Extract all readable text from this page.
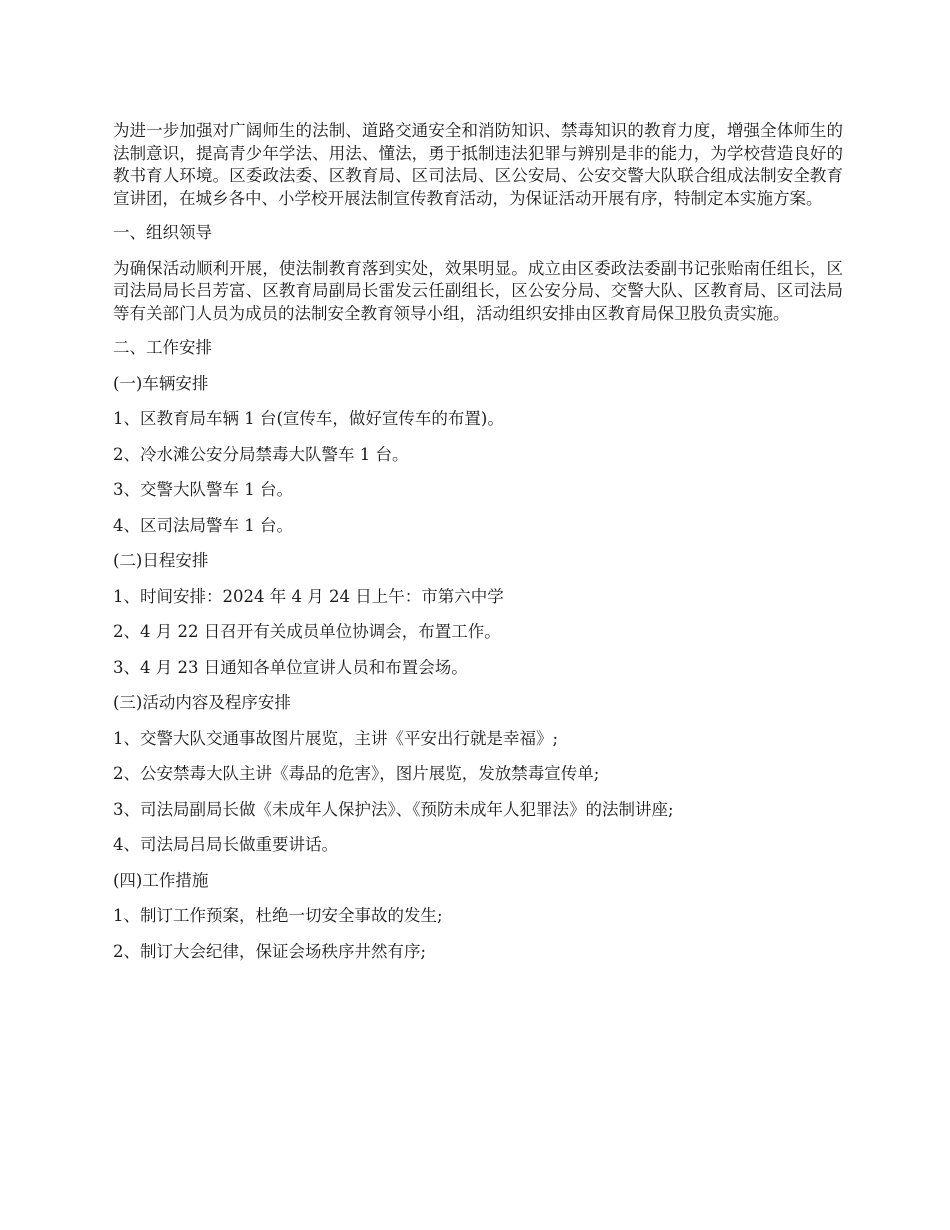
为进一步加强对广阔师生的法制、道路交通安全和消防知识、禁毒知识的教育力度，增强全体师生的法制意识，提高青少年学法、用法、懂法，勇于抵制违法犯罪与辨别是非的能力，为学校营造良好的教书育人环境。区委政法委、区教育局、区司法局、区公安局、公安交警大队联合组成法制安全教育宣讲团，在城乡各中、小学校开展法制宣传教育活动，为保证活动开展有序，特制定本实施方案。

一、组织领导

为确保活动顺利开展，使法制教育落到实处，效果明显。成立由区委政法委副书记张贻南任组长，区司法局局长吕芳富、区教育局副局长雷发云任副组长，区公安分局、交警大队、区教育局、区司法局等有关部门人员为成员的法制安全教育领导小组，活动组织安排由区教育局保卫股负责实施。

二、工作安排

(一)车辆安排

1、区教育局车辆 1 台(宣传车，做好宣传车的布置)。

2、冷水滩公安分局禁毒大队警车 1 台。

3、交警大队警车 1 台。

4、区司法局警车 1 台。

(二)日程安排

1、时间安排：2024 年 4 月 24 日上午：市第六中学

2、4 月 22 日召开有关成员单位协调会，布置工作。

3、4 月 23 日通知各单位宣讲人员和布置会场。

(三)活动内容及程序安排

1、交警大队交通事故图片展览，主讲《平安出行就是幸福》;

2、公安禁毒大队主讲《毒品的危害》，图片展览，发放禁毒宣传单;

3、司法局副局长做《未成年人保护法》、《预防未成年人犯罪法》的法制讲座;

4、司法局吕局长做重要讲话。

(四)工作措施

1、制订工作预案，杜绝一切安全事故的发生;

2、制订大会纪律，保证会场秩序井然有序;
